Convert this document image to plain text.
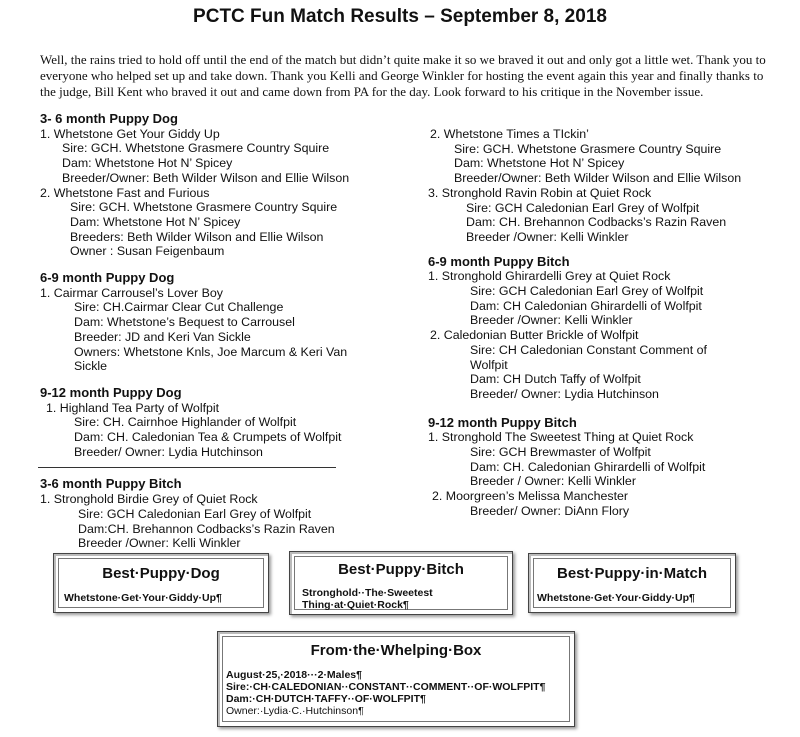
PCTC Fun Match Results – September 8, 2018
Well, the rains tried to hold off until the end of the match but didn’t quite make it so we braved it out and only got a little wet. Thank you to everyone who helped set up and take down. Thank you Kelli and George Winkler for hosting the event again this year and finally thanks to the judge, Bill Kent who braved it out and came down from PA for the day. Look forward to his critique in the November issue.
3- 6 month Puppy Dog
1. Whetstone Get Your Giddy Up
Sire: GCH. Whetstone Grasmere Country Squire
Dam: Whetstone Hot N’ Spicey
Breeder/Owner: Beth Wilder Wilson and Ellie Wilson
2. Whetstone Fast and Furious
Sire: GCH. Whetstone Grasmere Country Squire
Dam: Whetstone Hot N’ Spicey
Breeders: Beth Wilder Wilson and Ellie Wilson
Owner : Susan Feigenbaum
6-9 month Puppy Dog
1. Cairmar Carrousel’s Lover Boy
Sire: CH.Cairmar Clear Cut Challenge
Dam: Whetstone’s Bequest to Carrousel
Breeder: JD and Keri Van Sickle
Owners: Whetstone Knls, Joe Marcum & Keri Van
Sickle
9-12 month Puppy Dog
1. Highland Tea Party of Wolfpit
Sire: CH. Cairnhoe Highlander of Wolfpit
Dam: CH. Caledonian Tea & Crumpets of Wolfpit
Breeder/ Owner: Lydia Hutchinson
3-6 month Puppy Bitch
1. Stronghold Birdie Grey of Quiet Rock
Sire: GCH Caledonian Earl Grey of Wolfpit
Dam:CH. Brehannon Codbacks’s Razin Raven
Breeder /Owner: Kelli Winkler
2. Whetstone Times a TIckin’
Sire: GCH. Whetstone Grasmere Country Squire
Dam: Whetstone Hot N’ Spicey
Breeder/Owner: Beth Wilder Wilson and Ellie Wilson
3. Stronghold Ravin Robin at Quiet Rock
Sire: GCH Caledonian Earl Grey of Wolfpit
Dam: CH. Brehannon Codbacks’s Razin Raven
Breeder /Owner: Kelli Winkler
6-9 month Puppy Bitch
1. Stronghold Ghirardelli Grey at Quiet Rock
Sire: GCH Caledonian Earl Grey of Wolfpit
Dam: CH Caledonian Ghirardelli of Wolfpit
Breeder /Owner: Kelli Winkler
2. Caledonian Butter Brickle of Wolfpit
Sire: CH Caledonian Constant Comment of
Wolfpit
Dam: CH Dutch Taffy of Wolfpit
Breeder/ Owner: Lydia Hutchinson
9-12 month Puppy Bitch
1. Stronghold The Sweetest Thing at Quiet Rock
Sire: GCH Brewmaster of Wolfpit
Dam: CH. Caledonian Ghirardelli of Wolfpit
Breeder / Owner: Kelli Winkler
2. Moorgreen’s Melissa Manchester
Breeder/ Owner: DiAnn Flory
Best·Puppy·Dog
Whetstone·Get·Your·Giddy·Up¶
Best·Puppy·Bitch
Stronghold··The·Sweetest
Thing·at·Quiet·Rock¶
Best·Puppy·in·Match
Whetstone·Get·Your·Giddy·Up¶
From·the·Whelping·Box
August·25,·2018···2·Males¶
Sire:·CH·CALEDONIAN··CONSTANT··COMMENT··OF·WOLFPIT¶
Dam:·CH·DUTCH·TAFFY··OF·WOLFPIT¶
Owner:·Lydia·C.·Hutchinson¶
